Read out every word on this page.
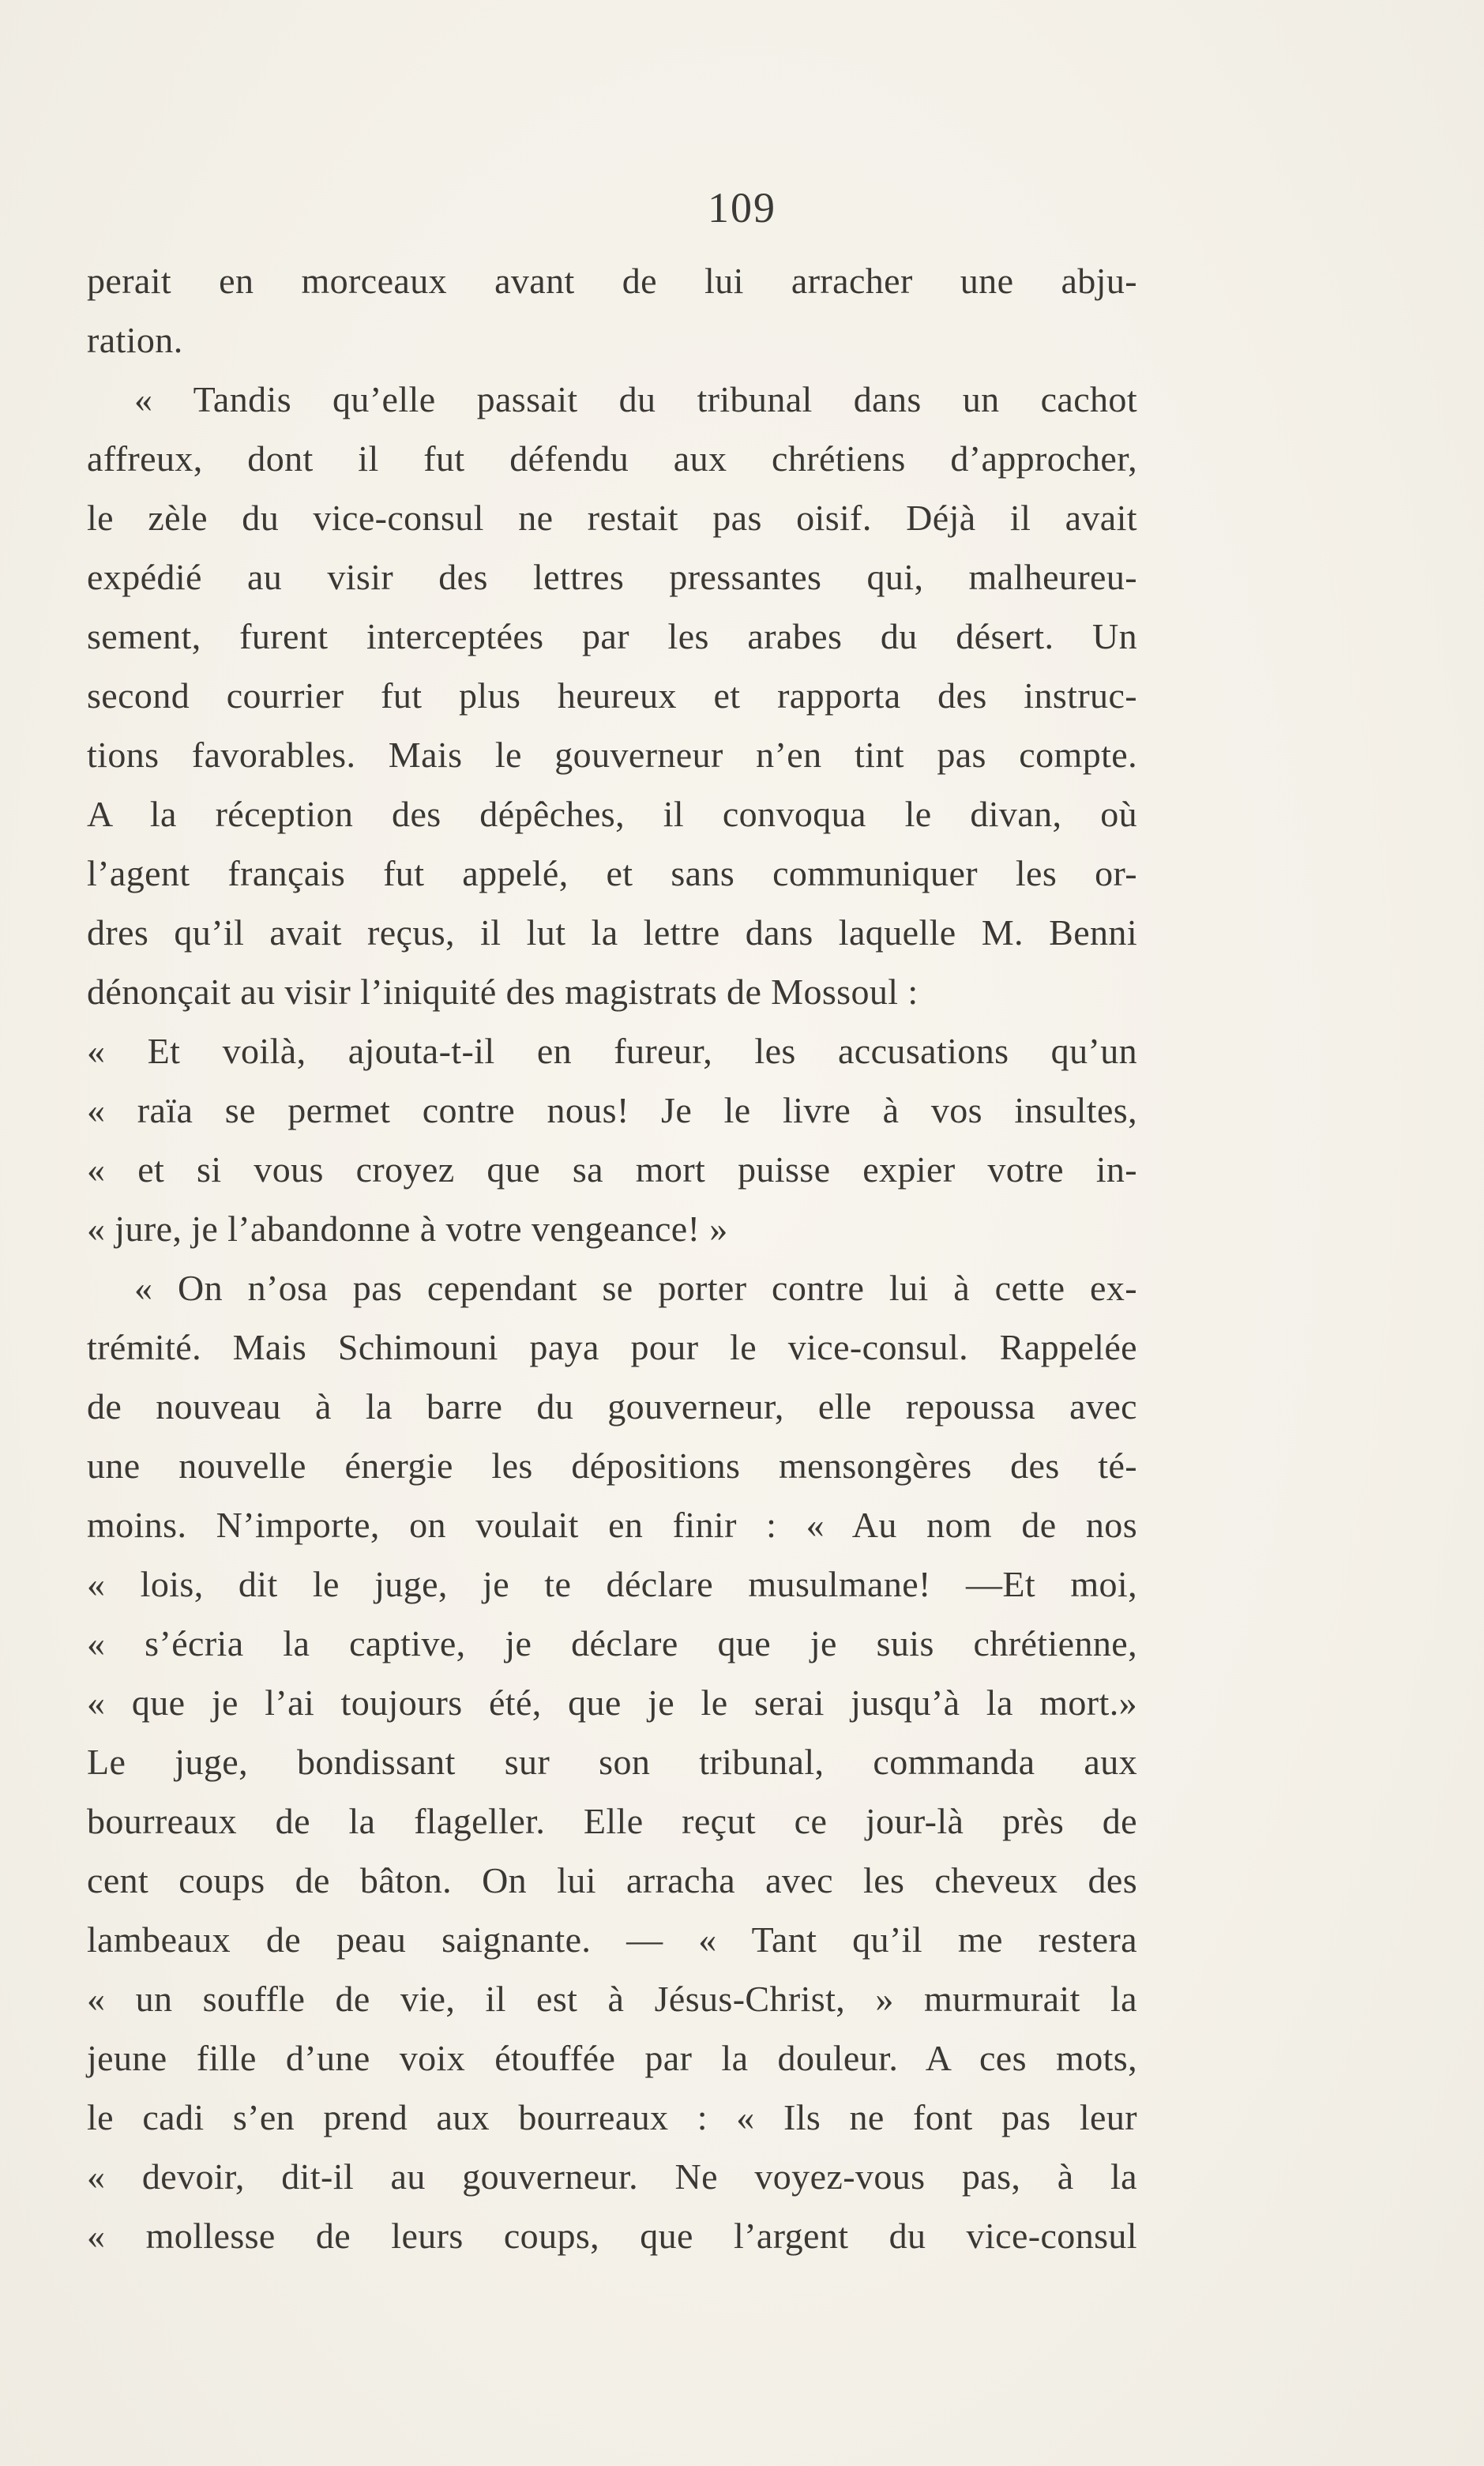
109
perait en morceaux avant de lui arracher une abju-
ration.
« Tandis qu’elle passait du tribunal dans un cachot
affreux, dont il fut défendu aux chrétiens d’approcher,
le zèle du vice-consul ne restait pas oisif. Déjà il avait
expédié au visir des lettres pressantes qui, malheureu-
sement, furent interceptées par les arabes du désert. Un
second courrier fut plus heureux et rapporta des instruc-
tions favorables. Mais le gouverneur n’en tint pas compte.
A la réception des dépêches, il convoqua le divan, où
l’agent français fut appelé, et sans communiquer les or-
dres qu’il avait reçus, il lut la lettre dans laquelle M. Benni
dénonçait au visir l’iniquité des magistrats de Mossoul :
« Et voilà, ajouta-t-il en fureur, les accusations qu’un
« raïa se permet contre nous! Je le livre à vos insultes,
« et si vous croyez que sa mort puisse expier votre in-
« jure, je l’abandonne à votre vengeance! »
« On n’osa pas cependant se porter contre lui à cette ex-
trémité. Mais Schimouni paya pour le vice-consul. Rappelée
de nouveau à la barre du gouverneur, elle repoussa avec
une nouvelle énergie les dépositions mensongères des té-
moins. N’importe, on voulait en finir : « Au nom de nos
« lois, dit le juge, je te déclare musulmane! —Et moi,
« s’écria la captive, je déclare que je suis chrétienne,
« que je l’ai toujours été, que je le serai jusqu’à la mort.»
Le juge, bondissant sur son tribunal, commanda aux
bourreaux de la flageller. Elle reçut ce jour-là près de
cent coups de bâton. On lui arracha avec les cheveux des
lambeaux de peau saignante. — « Tant qu’il me restera
« un souffle de vie, il est à Jésus-Christ, » murmurait la
jeune fille d’une voix étouffée par la douleur. A ces mots,
le cadi s’en prend aux bourreaux : « Ils ne font pas leur
« devoir, dit-il au gouverneur. Ne voyez-vous pas, à la
« mollesse de leurs coups, que l’argent du vice-consul
